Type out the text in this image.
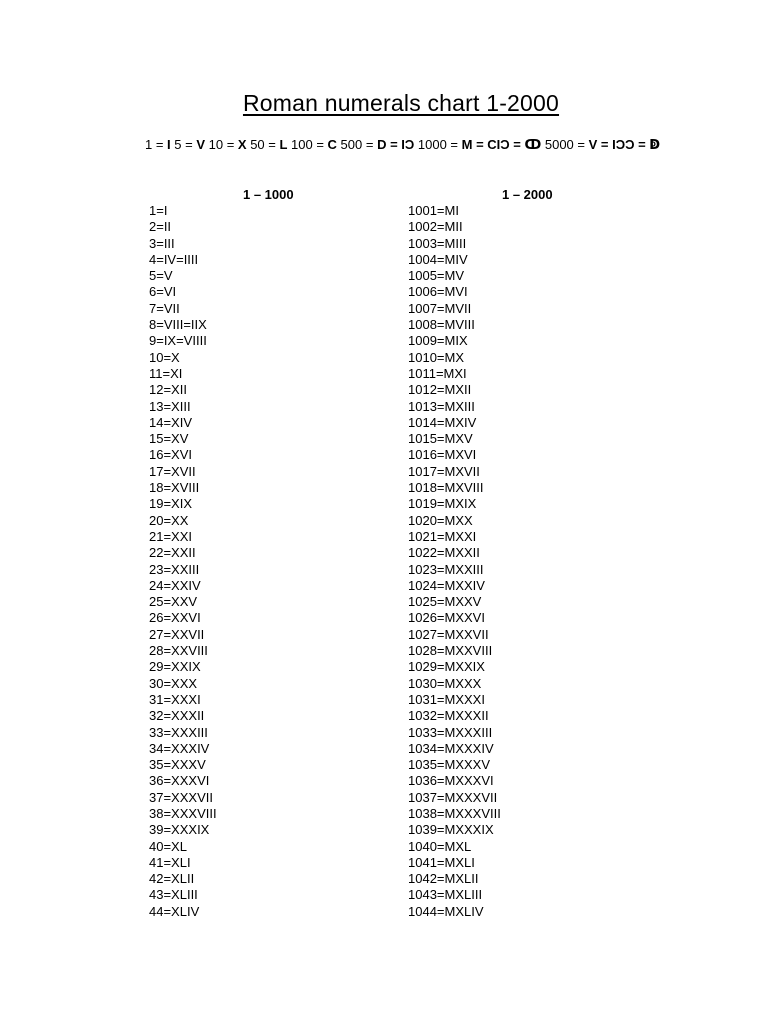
Roman numerals chart 1-2000
1 = I 5 = V 10 = X 50 = L 100 = C 500 = D = IƆ 1000 = M = CIƆ = ↀ 5000 = V = IƆƆ = ↁ
1 – 1000	1 – 2000
1=I
2=II
3=III
4=IV=IIII
5=V
6=VI
7=VII
8=VIII=IIX
9=IX=VIIII
10=X
11=XI
12=XII
13=XIII
14=XIV
15=XV
16=XVI
17=XVII
18=XVIII
19=XIX
20=XX
21=XXI
22=XXII
23=XXIII
24=XXIV
25=XXV
26=XXVI
27=XXVII
28=XXVIII
29=XXIX
30=XXX
31=XXXI
32=XXXII
33=XXXIII
34=XXXIV
35=XXXV
36=XXXVI
37=XXXVII
38=XXXVIII
39=XXXIX
40=XL
41=XLI
42=XLII
43=XLIII
44=XLIV
1001=MI
1002=MII
1003=MIII
1004=MIV
1005=MV
1006=MVI
1007=MVII
1008=MVIII
1009=MIX
1010=MX
1011=MXI
1012=MXII
1013=MXIII
1014=MXIV
1015=MXV
1016=MXVI
1017=MXVII
1018=MXVIII
1019=MXIX
1020=MXX
1021=MXXI
1022=MXXII
1023=MXXIII
1024=MXXIV
1025=MXXV
1026=MXXVI
1027=MXXVII
1028=MXXVIII
1029=MXXIX
1030=MXXX
1031=MXXXI
1032=MXXXII
1033=MXXXIII
1034=MXXXIV
1035=MXXXV
1036=MXXXVI
1037=MXXXVII
1038=MXXXVIII
1039=MXXXIX
1040=MXL
1041=MXLI
1042=MXLII
1043=MXLIII
1044=MXLIV
